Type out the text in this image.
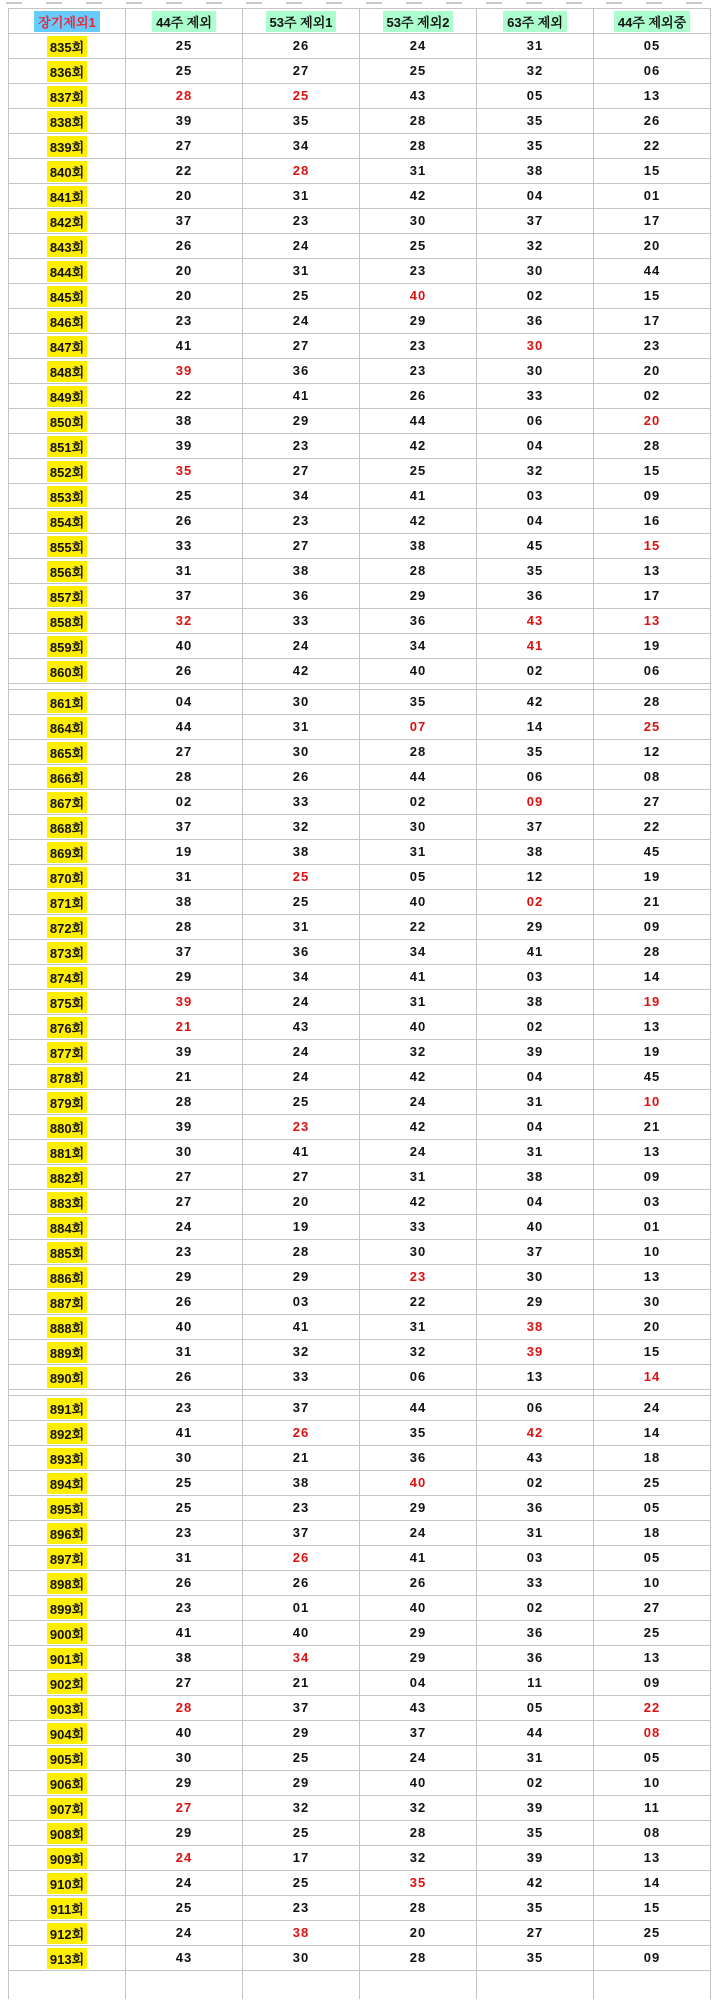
장기제외1	44주 제외	53주 제외1	53주 제외2	63주 제외	44주 제외중
835회	25	26	24	31	05
836회	25	27	25	32	06
837회	28	25	43	05	13
838회	39	35	28	35	26
839회	27	34	28	35	22
840회	22	28	31	38	15
841회	20	31	42	04	01
842회	37	23	30	37	17
843회	26	24	25	32	20
844회	20	31	23	30	44
845회	20	25	40	02	15
846회	23	24	29	36	17
847회	41	27	23	30	23
848회	39	36	23	30	20
849회	22	41	26	33	02
850회	38	29	44	06	20
851회	39	23	42	04	28
852회	35	27	25	32	15
853회	25	34	41	03	09
854회	26	23	42	04	16
855회	33	27	38	45	15
856회	31	38	28	35	13
857회	37	36	29	36	17
858회	32	33	36	43	13
859회	40	24	34	41	19
860회	26	42	40	02	06

861회	04	30	35	42	28
864회	44	31	07	14	25
865회	27	30	28	35	12
866회	28	26	44	06	08
867회	02	33	02	09	27
868회	37	32	30	37	22
869회	19	38	31	38	45
870회	31	25	05	12	19
871회	38	25	40	02	21
872회	28	31	22	29	09
873회	37	36	34	41	28
874회	29	34	41	03	14
875회	39	24	31	38	19
876회	21	43	40	02	13
877회	39	24	32	39	19
878회	21	24	42	04	45
879회	28	25	24	31	10
880회	39	23	42	04	21
881회	30	41	24	31	13
882회	27	27	31	38	09
883회	27	20	42	04	03
884회	24	19	33	40	01
885회	23	28	30	37	10
886회	29	29	23	30	13
887회	26	03	22	29	30
888회	40	41	31	38	20
889회	31	32	32	39	15
890회	26	33	06	13	14

891회	23	37	44	06	24
892회	41	26	35	42	14
893회	30	21	36	43	18
894회	25	38	40	02	25
895회	25	23	29	36	05
896회	23	37	24	31	18
897회	31	26	41	03	05
898회	26	26	26	33	10
899회	23	01	40	02	27
900회	41	40	29	36	25
901회	38	34	29	36	13
902회	27	21	04	11	09
903회	28	37	43	05	22
904회	40	29	37	44	08
905회	30	25	24	31	05
906회	29	29	40	02	10
907회	27	32	32	39	11
908회	29	25	28	35	08
909회	24	17	32	39	13
910회	24	25	35	42	14
911회	25	23	28	35	15
912회	24	38	20	27	25
913회	43	30	28	35	09
